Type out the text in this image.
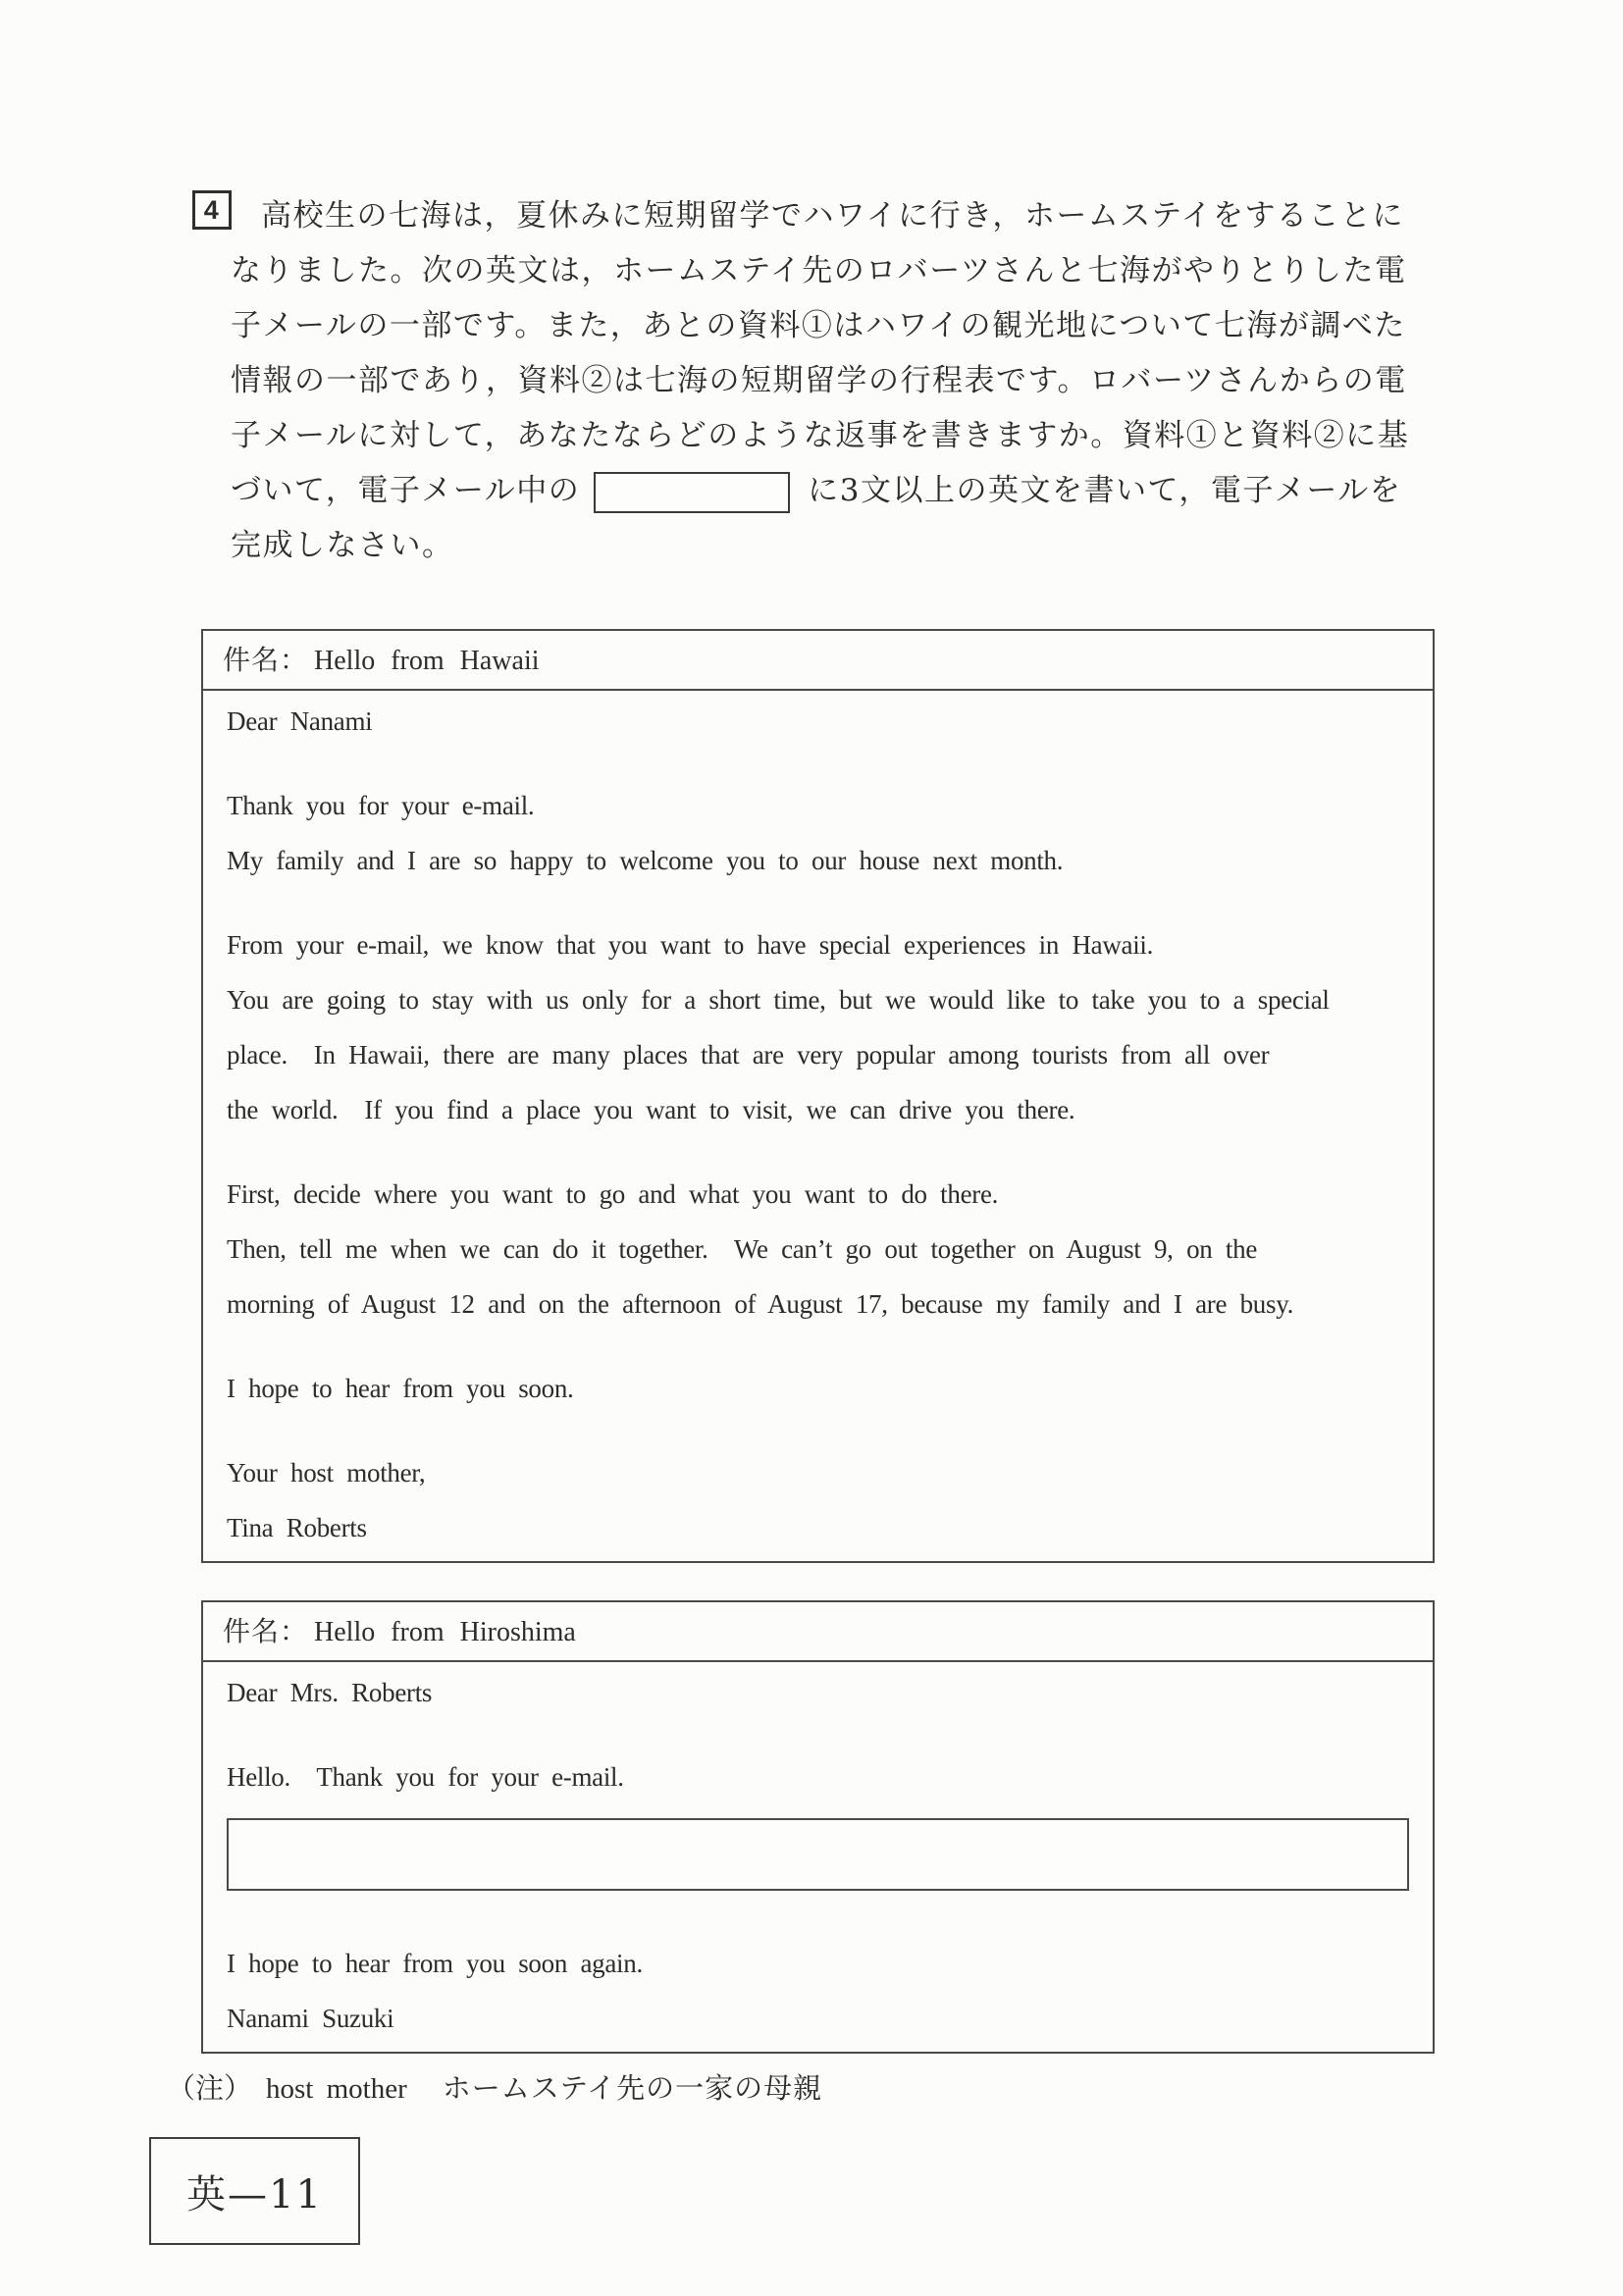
4	高校生の七海は，夏休みに短期留学でハワイに行き，ホームステイをすることに
なりました。次の英文は，ホームステイ先のロバーツさんと七海がやりとりした電
子メールの一部です。また，あとの資料①はハワイの観光地について七海が調べた
情報の一部であり，資料②は七海の短期留学の行程表です。ロバーツさんからの電
子メールに対して，あなたならどのような返事を書きますか。資料①と資料②に基
づいて，電子メール中の	に3文以上の英文を書いて，電子メールを
完成しなさい。
件名： Hello from Hawaii
Dear Nanami
Thank you for your e-mail.
My family and I are so happy to welcome you to our house next month.
From your e-mail, we know that you want to have special experiences in Hawaii.
You are going to stay with us only for a short time, but we would like to take you to a special
place.  In Hawaii, there are many places that are very popular among tourists from all over
the world.  If you find a place you want to visit, we can drive you there.
First, decide where you want to go and what you want to do there.
Then, tell me when we can do it together.  We can’t go out together on August 9, on the
morning of August 12 and on the afternoon of August 17, because my family and I are busy.
I hope to hear from you soon.
Your host mother,
Tina Roberts
件名： Hello from Hiroshima
Dear Mrs. Roberts
Hello.  Thank you for your e-mail.
I hope to hear from you soon again.
Nanami Suzuki
（注） host mother ホームステイ先の一家の母親
英—11
